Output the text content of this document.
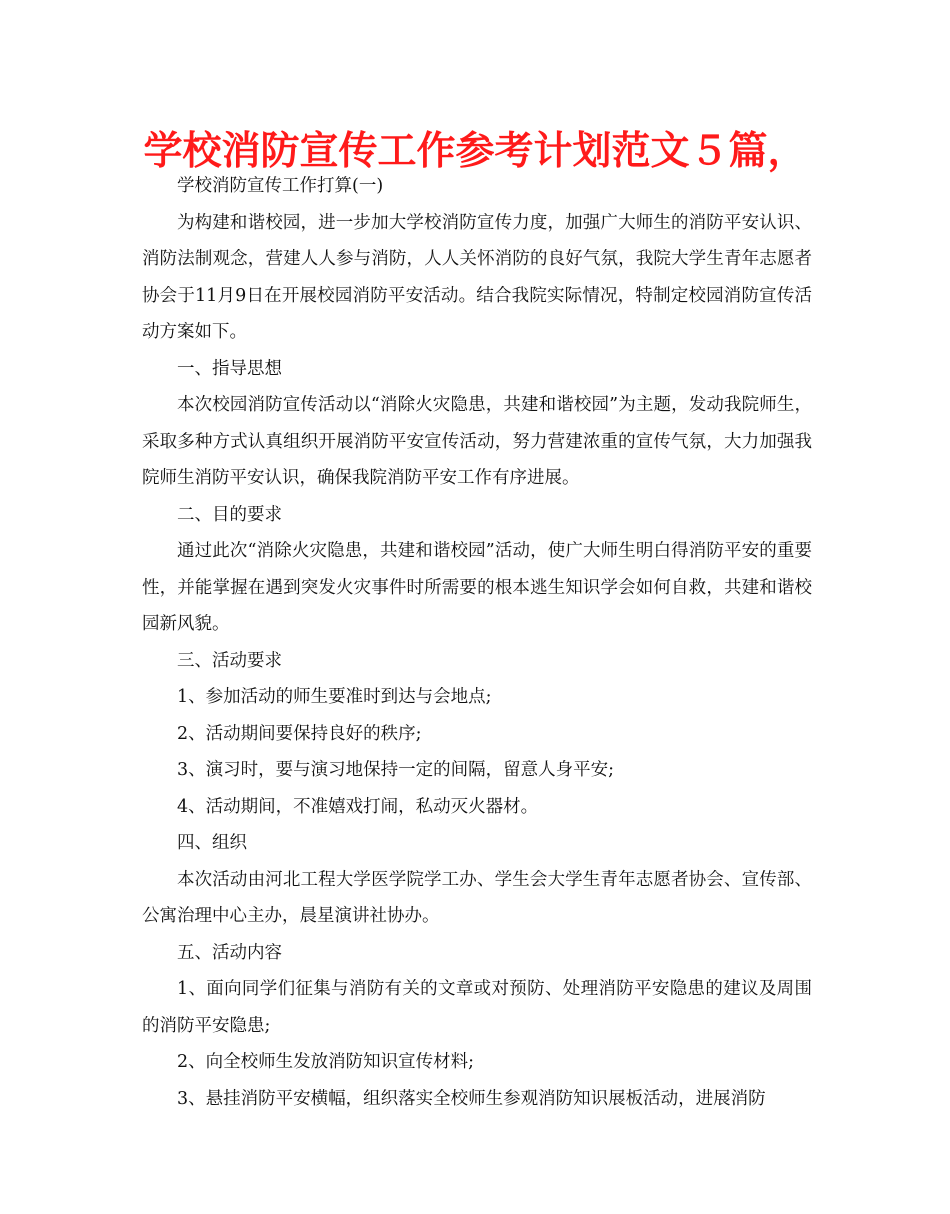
学校消防宣传工作参考计划范文５篇，

学校消防宣传工作打算(一)

为构建和谐校园，进一步加大学校消防宣传力度，加强广大师生的消防平安认识、消防法制观念，营建人人参与消防，人人关怀消防的良好气氛，我院大学生青年志愿者协会于11月9日在开展校园消防平安活动。结合我院实际情况，特制定校园消防宣传活动方案如下。

一、指导思想

本次校园消防宣传活动以“消除火灾隐患，共建和谐校园”为主题，发动我院师生，采取多种方式认真组织开展消防平安宣传活动，努力营建浓重的宣传气氛，大力加强我院师生消防平安认识，确保我院消防平安工作有序进展。

二、目的要求

通过此次“消除火灾隐患，共建和谐校园”活动，使广大师生明白得消防平安的重要性，并能掌握在遇到突发火灾事件时所需要的根本逃生知识学会如何自救，共建和谐校园新风貌。

三、活动要求

1、参加活动的师生要准时到达与会地点;

2、活动期间要保持良好的秩序;

3、演习时，要与演习地保持一定的间隔，留意人身平安;

4、活动期间，不准嬉戏打闹，私动灭火器材。

四、组织

本次活动由河北工程大学医学院学工办、学生会大学生青年志愿者协会、宣传部、公寓治理中心主办，晨星演讲社协办。

五、活动内容

1、面向同学们征集与消防有关的文章或对预防、处理消防平安隐患的建议及周围的消防平安隐患;

2、向全校师生发放消防知识宣传材料;

3、悬挂消防平安横幅，组织落实全校师生参观消防知识展板活动，进展消防
